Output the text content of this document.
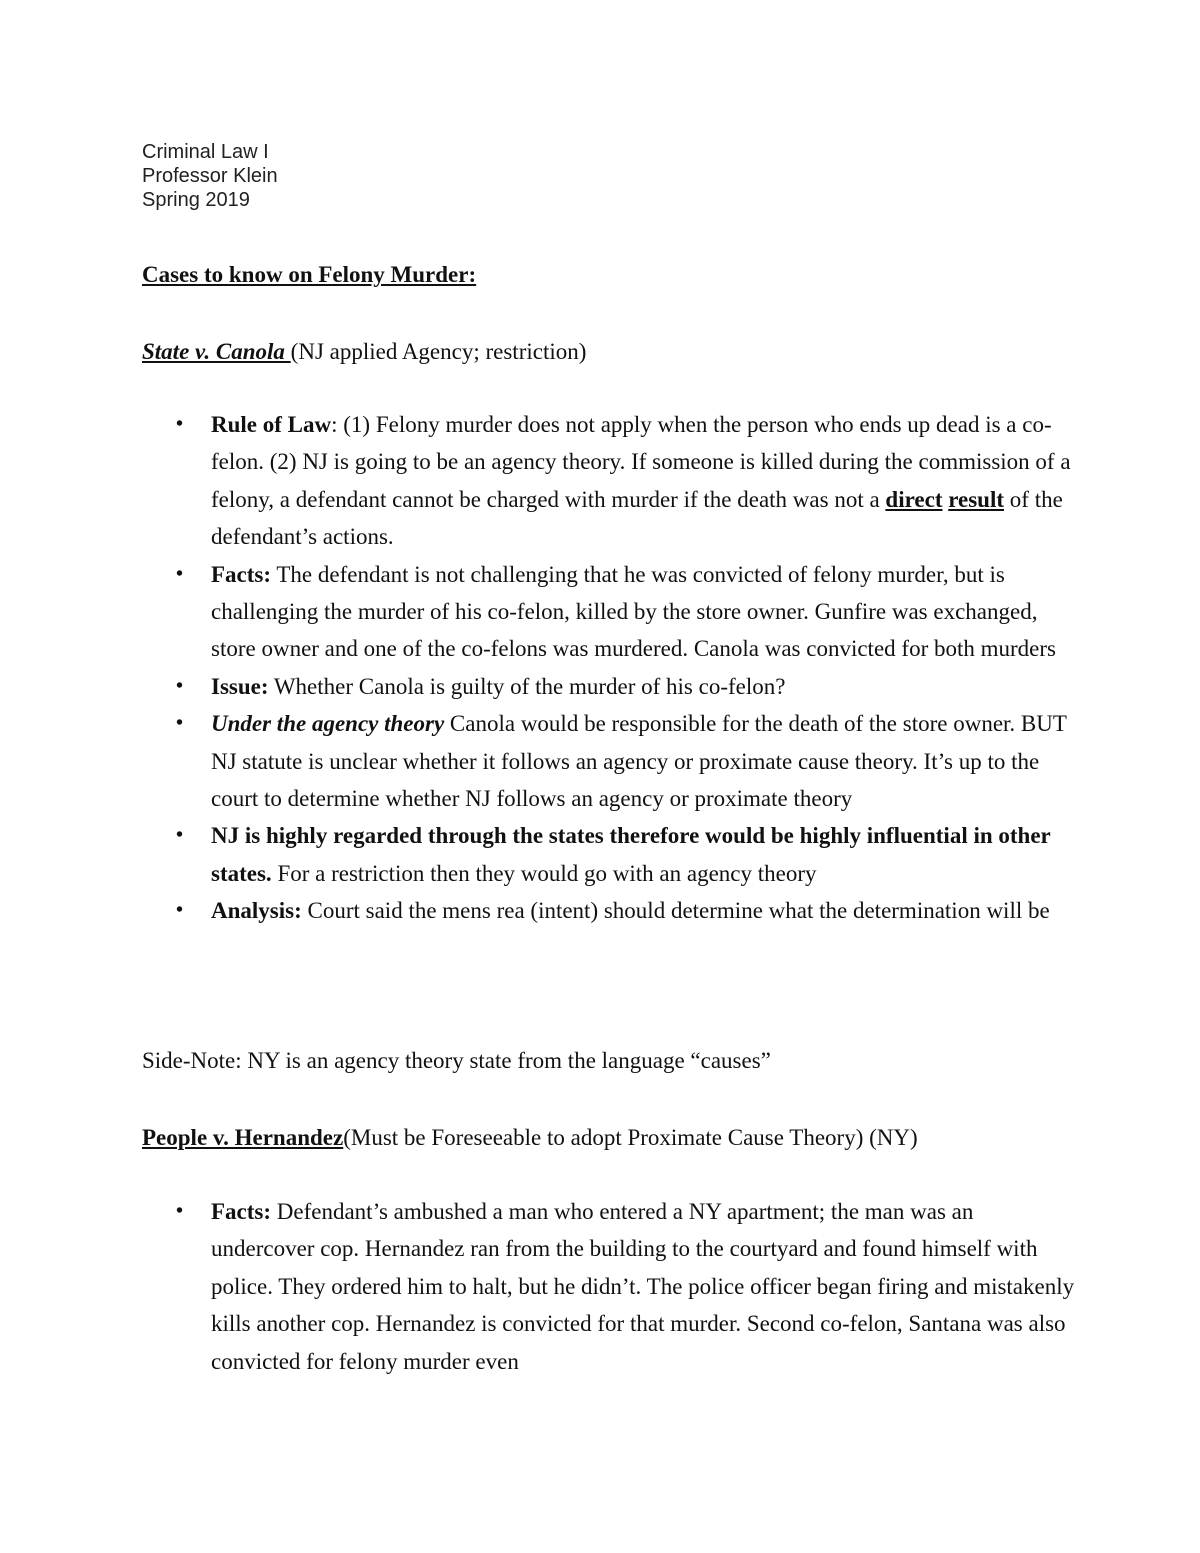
Criminal Law I
Professor Klein
Spring 2019
Cases to know on Felony Murder:
State v. Canola (NJ applied Agency; restriction)
• Rule of Law: (1) Felony murder does not apply when the person who ends up dead is a co-felon. (2) NJ is going to be an agency theory. If someone is killed during the commission of a felony, a defendant cannot be charged with murder if the death was not a direct result of the defendant’s actions.
• Facts: The defendant is not challenging that he was convicted of felony murder, but is challenging the murder of his co-felon, killed by the store owner. Gunfire was exchanged, store owner and one of the co-felons was murdered. Canola was convicted for both murders
• Issue: Whether Canola is guilty of the murder of his co-felon?
• Under the agency theory Canola would be responsible for the death of the store owner. BUT NJ statute is unclear whether it follows an agency or proximate cause theory. It’s up to the court to determine whether NJ follows an agency or proximate theory
• NJ is highly regarded through the states therefore would be highly influential in other states. For a restriction then they would go with an agency theory
• Analysis: Court said the mens rea (intent) should determine what the determination will be
Side-Note: NY is an agency theory state from the language “causes”
People v. Hernandez(Must be Foreseeable to adopt Proximate Cause Theory) (NY)
• Facts: Defendant’s ambushed a man who entered a NY apartment; the man was an undercover cop. Hernandez ran from the building to the courtyard and found himself with police. They ordered him to halt, but he didn’t. The police officer began firing and mistakenly kills another cop. Hernandez is convicted for that murder. Second co-felon, Santana was also convicted for felony murder even
